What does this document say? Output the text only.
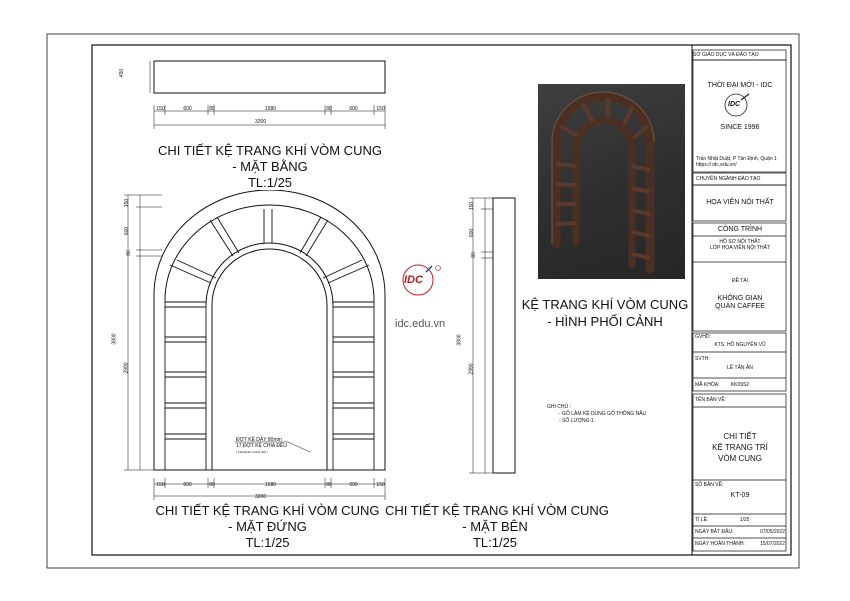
450
150	600	80	1580	80	600	150
3200
CHI TIẾT KỆ TRANG KHÍ VÒM CUNG
- MẶT BẰNG
TL:1/25
150
600
80
2990
3800
ĐỢT KỆ DÀY 80mm
17 ĐỢT KỆ CHIA ĐỀU
( KHOẢNG CÁCH 400 )
150	600	80	1580	80	600	150
3200
CHI TIẾT KỆ TRANG KHÍ VÒM CUNG
- MẶT ĐỨNG
TL:1/25
150
600
80
2990
3800
CHI TIẾT KỆ TRANG KHÍ VÒM CUNG
- MẶT BÊN
TL:1/25
KỆ TRANG KHÍ VÒM CUNG
- HÌNH PHỐI CẢNH
IDC
idc.edu.vn
GHI CHÚ :
- GỖ LÀM KỆ DÙNG GỖ THÔNG NÂU
- SỐ LƯỢNG:1
SỞ GIÁO DỤC VÀ ĐÀO TẠO
THỜI ĐẠI MỚI - IDC
IDC
SINCE 1996
Trần Nhật Duật, P Tân Định, Quận 1
https:// idc.edu.vn/
CHUYÊN NGÀNH ĐÀO TẠO
HỌA VIÊN NỘI THẤT
CÔNG TRÌNH
HỒ SƠ NỘI THẤT
LỚP HỌA VIÊN NỘI THẤT
ĐỀ TÀI
KHÔNG GIAN
QUÁN CAFFEE
GVHD:
KTS. HỒ NGUYÊN VŨ
SVTH:
LÊ TẤN ÂN
MÃ KHÓA: KK09S2
TÊN BẢN VẼ:
CHI TIẾT
KỆ TRANG TRÍ
VÒM CUNG
SỐ BẢN VẼ:
KT-09
TỈ LỆ:	1/25
NGÀY BẮT ĐẦU:	07/05/2022
NGÀY HOÀN THÀNH:	15/07/2022
